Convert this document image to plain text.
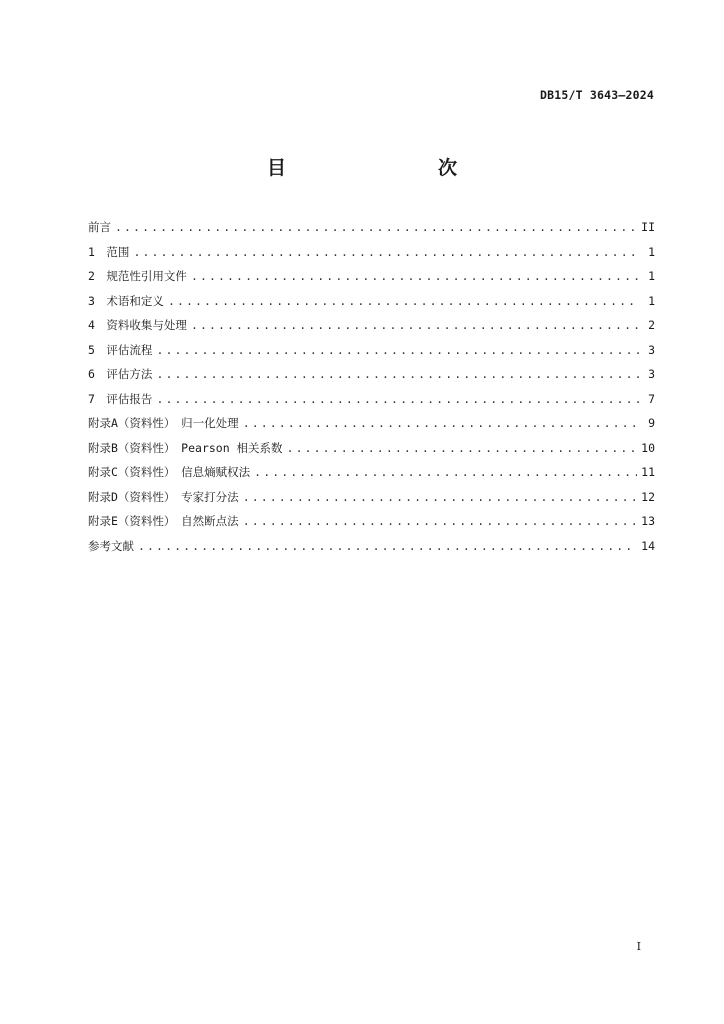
DB15/T 3643—2024
目　　次
前言 .....	II
1　范围 .....	1
2　规范性引用文件 .....	1
3　术语和定义 .....	1
4　资料收集与处理 .....	2
5　评估流程 .....	3
6　评估方法 .....	3
7　评估报告 .....	7
附录A（资料性）　归一化处理 .....	9
附录B（资料性）　Pearson 相关系数 .....	10
附录C（资料性）　信息熵赋权法 .....	11
附录D（资料性）　专家打分法 .....	12
附录E（资料性）　自然断点法 .....	13
参考文献 .....	14
I
